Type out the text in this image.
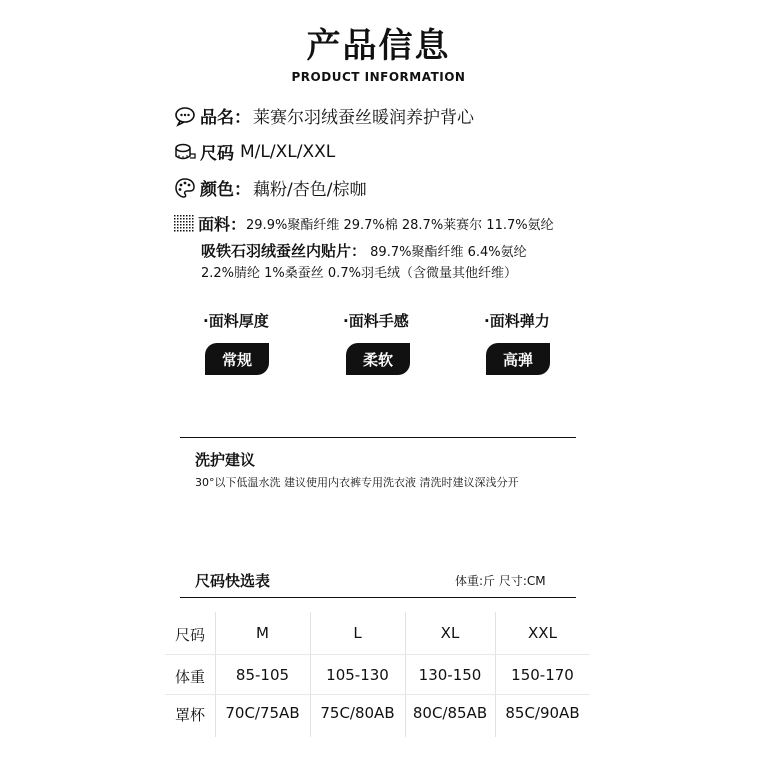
产品信息
PRODUCT INFORMATION
品名： 莱赛尔羽绒蚕丝暖润养护背心
尺码 M/L/XL/XXL
颜色： 藕粉/杏色/棕咖
面料： 29.9%聚酯纤维 29.7%棉 28.7%莱赛尔 11.7%氨纶
吸铁石羽绒蚕丝内贴片： 89.7%聚酯纤维 6.4%氨纶
2.2%腈纶 1%桑蚕丝 0.7%羽毛绒（含微量其他纤维）
·面料厚度
常规
·面料手感
柔软
·面料弹力
高弹
洗护建议
30°以下低温水洗 建议使用内衣裤专用洗衣液 清洗时建议深浅分开
尺码快选表	体重:斤 尺寸:CM
尺码	M	L	XL	XXL
体重	85-105	105-130	130-150	150-170
罩杯	70C/75AB	75C/80AB	80C/85AB	85C/90AB
